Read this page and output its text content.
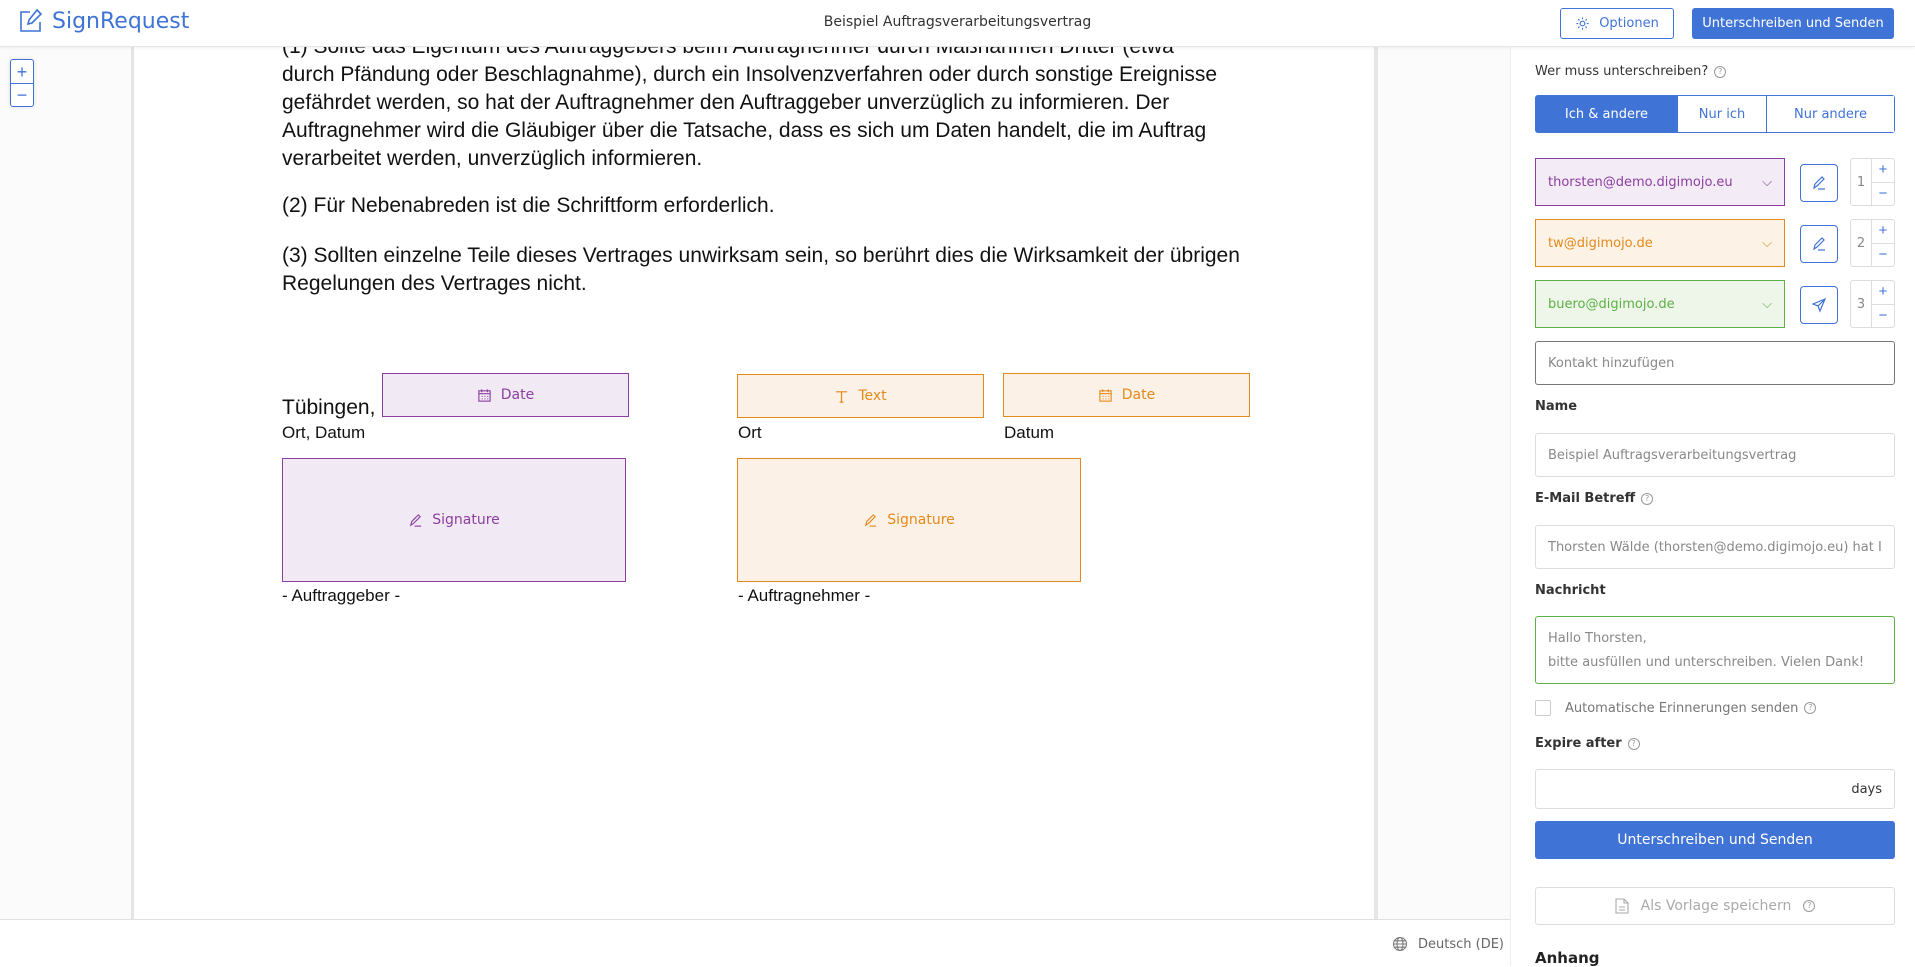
SignRequest	Beispiel Auftragsverarbeitungsvertrag	Optionen	Unterschreiben und Senden
+
−
durch Pfändung oder Beschlagnahme), durch ein Insolvenzverfahren oder durch sonstige Ereignisse gefährdet werden, so hat der Auftragnehmer den Auftraggeber unverzüglich zu informieren. Der Auftragnehmer wird die Gläubiger über die Tatsache, dass es sich um Daten handelt, die im Auftrag verarbeitet werden, unverzüglich informieren.
(2) Für Nebenabreden ist die Schriftform erforderlich.
(3) Sollten einzelne Teile dieses Vertrages unwirksam sein, so berührt dies die Wirksamkeit der übrigen Regelungen des Vertrages nicht.
Tübingen,
Ort, Datum	Ort	Datum
- Auftraggeber -	- Auftragnehmer -
Date	Text	Date
Signature	Signature
Deutsch (DE)
Wer muss unterschreiben?	?
Ich & andere	Nur ich	Nur andere
thorsten@demo.digimojo.eu ⌵	1
+
−
tw@digimojo.de	⌵	2
+
−
buero@digimojo.de	⌵	3
+
−
Kontakt hinzufügen
Name
Beispiel Auftragsverarbeitungsvertrag
E-Mail Betreff	?
Thorsten Wälde (thorsten@demo.digimojo.eu) hat I
Nachricht
Hallo Thorsten,
bitte ausfüllen und unterschreiben. Vielen Dank!
Automatische Erinnerungen senden	?
Expire after	?
days
Unterschreiben und Senden
Als Vorlage speichern	?
Anhang
